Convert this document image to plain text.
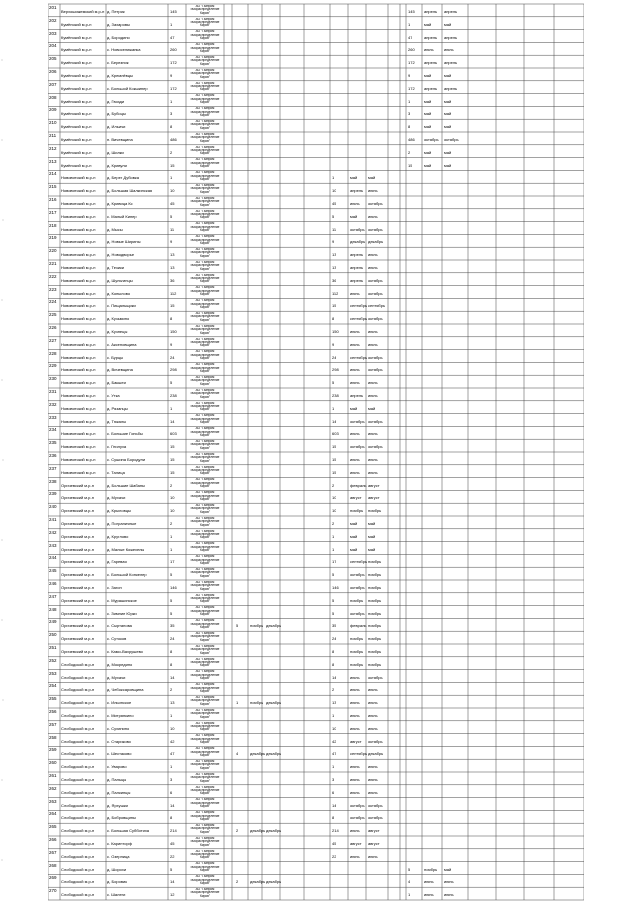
201
Верхошижемский м.р-н д. Петрик	145
АО "Газпром
газораспределение
Киров"	145 апрель апрель
202
Кумёнский м.р-н	д. Захаровы	1
АО "Газпром
газораспределение
Киров"	1	май	май
203
Кумёнский м.р-н	д. Бородино	47
АО "Газпром
газораспределение
Киров"	47	апрель апрель
204
Кумёнский м.р-н	с. Новоселижанка	260
АО "Газпром
газораспределение
Киров"	260 июль	июль
205
Кумёнский м.р-н	с. Березник	172
АО "Газпром
газораспределение
Киров"	172 апрель апрель
206
Кумёнский м.р-н	д. Кремлёвцы	9
АО "Газпром
газораспределение
Киров"	9	май	май
207
Кумёнский м.р-н	с. Большой Кокшинер	172
АО "Газпром
газораспределение
Киров"	172 апрель апрель
208
Кумёнский м.р-н	д. Гвозди	1
АО "Газпром
газораспределение
Киров"	1	май	май
209
Кумёнский м.р-н	д. Бубоцы	3
АО "Газпром
газораспределение
Киров"	3	май	май
210
Кумёнский м.р-н	д. Ильичи	8
АО "Газпром
газораспределение
Киров"	8	май	май
211
Кумёнский м.р-н	п. Вичевщина	486
АО "Газпром
газораспределение
Киров"	486 октябрь октябрь
212
Кумёнский м.р-н	д. Шилки	2
АО "Газпром
газораспределение
Киров"	2	май	май
213
Кумёнский м.р-н	д. Кривули	15
АО "Газпром
газораспределение
Киров"	15	май	май
214
Нововятский м.р-н	д. Берег Дубовка	1
АО "Газпром
газораспределение
Киров"	1	май	май
215
Нововятский м.р-н	д. Большая Шалкинская	10
АО "Газпром
газораспределение
Киров"	10	апрель июнь
216
Нововятский м.р-н	д. Кривица Кс	45
АО "Газпром
газораспределение
Киров"	45	июль октябрь
217
Нововятский м.р-н	с. Малый Кинер	5
АО "Газпром
газораспределение
Киров"	5	май	июль
218
Нововятский м.р-н	д. Мысы	11
АО "Газпром
газораспределение
Киров"	11	октябрь октябрь
219
Нововятский м.р-н	д. Новые Ширины	9
АО "Газпром
газораспределение
Киров"	9	декабрь декабрь
220
Нововятский м.р-н	д. Новодворье	13
АО "Газпром
газораспределение
Киров"	13	апрель июль
221
Нововятский м.р-н	д. Тезики	13
АО "Газпром
газораспределение
Киров"	13	апрель июль
222
Нововятский м.р-н	д. Шульгинцы	36
АО "Газпром
газораспределение
Киров"	36	апрель октябрь
223
Нововятский м.р-н	д. Копылово	112
АО "Газпром
газораспределение
Киров"	112	июнь октябрь
224
Нововятский м.р-н	с. Пищальщики	15
АО "Газпром
газораспределение
Киров"	15	сентябрь сентябрь
225
Нововятский м.р-н	д. Кузьмино	8
АО "Газпром
газораспределение
Киров"	8	сентябрь октябрь
226
Нововятский м.р-н	д. Кузнецы	150
АО "Газпром
газораспределение
Киров"	150	июль июль
227
Нововятский м.р-н	с. Аксеновщина	9
АО "Газпром
газораспределение
Киров"	9	июль июль
228
Нововятский м.р-н	с. Бурцы	24
АО "Газпром
газораспределение
Киров"	24	сентябрь октябрь
229
Нововятский м.р-н	д. Вичевщина	298
АО "Газпром
газораспределение
Киров"	298	июль октябрь
230
Нововятский м.р-н	д. Бакшеи	5
АО "Газпром
газораспределение
Киров"	5	июнь июль
231
Нововятский м.р-н	с. Утка	238
АО "Газпром
газораспределение
Киров"	238	апрель июль
232
Нововятский м.р-н	д. Рязанцы	1
АО "Газпром
газораспределение
Киров"	1	май	май
233
Нововятский м.р-н	д. Тюкалы	14
АО "Газпром
газораспределение
Киров"	14	октябрь октябрь
234
Нововятский м.р-н	с. Большие Гоньбы	603
АО "Газпром
газораспределение
Киров"	603	июль июль
235
Нововятский м.р-н	с. Гнилуха	15
АО "Газпром
газораспределение
Киров"	15	октябрь октябрь
236
Нововятский м.р-н	с. Сушина Бородули	15
АО "Газпром
газораспределение
Киров"	15	июль июль
237
Нововятский м.р-н	с. Талица	15
АО "Газпром
газораспределение
Киров"	15	июль июль
238
Оричевский м.р-н	д. Большие Шабаны	2
АО "Газпром
газораспределение
Киров"	2	февраль август
239
Оричевский м.р-н	д. Мухачи	10
АО "Газпром
газораспределение
Киров"	10	август август
240
Оричевский м.р-н	д. Крыловцы	10
АО "Газпром
газораспределение
Киров"	10	ноябрь ноябрь
241
Оричевский м.р-н	д. Пограничные	2
АО "Газпром
газораспределение
Киров"	2	май	май
242
Оричевский м.р-н	д. Круглово	1
АО "Газпром
газораспределение
Киров"	1	май	май
243
Оричевский м.р-н	д. Малые Кожехелы	1
АО "Газпром
газораспределение
Киров"	1	май	май
244
Оричевский м.р-н	д. Гаревая	17
АО "Газпром
газораспределение
Киров"	17	сентябрь ноябрь
245
Оричевский м.р-н	с. Большой Конкелер	5
АО "Газпром
газораспределение
Киров"	5	октябрь ноябрь
246
Оричевский м.р-н	с. Загон	146
АО "Газпром
газораспределение
Киров"	146	октябрь ноябрь
247
Оричевский м.р-н	с. Мурашинское	5
АО "Газпром
газораспределение
Киров"	5	ноябрь ноябрь
248
Оричевский м.р-н	с. Зимние Юрки	5
АО "Газпром
газораспределение
Киров"	5	октябрь ноябрь
249
Оричевский м.р-н	с. Сыртанова	35
АО "Газпром
газораспределение
Киров"	5	ноябрь декабрь	35	февраль ноябрь
250
Оричевский м.р-н	с. Сутоков	24
АО "Газпром
газораспределение
Киров"	24	ноябрь ноябрь
251
Оричевский м.р-н	с. Камо-Вахрушево	8
АО "Газпром
газораспределение
Киров"	8	ноябрь ноябрь
252
Слободской м.р-н	д. Мокредино	8
АО "Газпром
газораспределение
Киров"	8	ноябрь ноябрь
253
Слободской м.р-н	д. Мухачи	14
АО "Газпром
газораспределение
Киров"	14	июль октябрь
254
Слободской м.р-н	д. Чебоксаровщина	2
АО "Газпром
газораспределение
Киров"	2	июль июль
255
Слободской м.р-н	с. Ильинское	13
АО "Газпром
газораспределение
Киров"	1	ноябрь декабрь	13	июнь июль
256
Слободской м.р-н	с. Митрянкино	1
АО "Газпром
газораспределение
Киров"	1	июль июль
257
Слободской м.р-н	с. Сухинино	10
АО "Газпром
газораспределение
Киров"	10	июль июль
258
Слободской м.р-н	с. Стариково	42
АО "Газпром
газораспределение
Киров"	42	август октябрь
259
Слободской м.р-н	с. Шестаково	47
АО "Газпром
газораспределение
Киров"	4	декабрь декабрь	47	сентябрь декабрь
260
Слободской м.р-н	с. Уварово	1
АО "Газпром
газораспределение
Киров"	1	июнь июнь
261
Слободской м.р-н	д. Пальцы	3
АО "Газпром
газораспределение
Киров"	3	июнь июнь
262
Слободской м.р-н	д. Палкинцы	6
АО "Газпром
газораспределение
Киров"	6	июль июль
263
Слободской м.р-н	д. Ярхушки	14
АО "Газпром
газораспределение
Киров"	14	октябрь октябрь
264
Слободской м.р-н	д. Бобровщины	8
АО "Газпром
газораспределение
Киров"	8	октябрь октябрь
265
Слободской м.р-н	с. Большая Субботиха	214
АО "Газпром
газораспределение
Киров"	2	декабрь декабрь	214	июль август
266
Слободской м.р-н	с. Каринторф	45
АО "Газпром
газораспределение
Киров"	45	август август
267
Слободской м.р-н	с. Озерница	22
АО "Газпром
газораспределение
Киров"	22	июнь июнь
268
Слободской м.р-н	д. Шорохи	5
АО "Газпром
газораспределение
Киров"	5	ноябрь май
269
Слободской м.р-н	д. Боровик	14
АО "Газпром
газораспределение
Киров"	2	декабрь декабрь	4	июнь	июнь
270
Слободской м.р-н	с. Шалеги	12
АО "Газпром
газораспределение
Киров"	1	июнь	июнь
